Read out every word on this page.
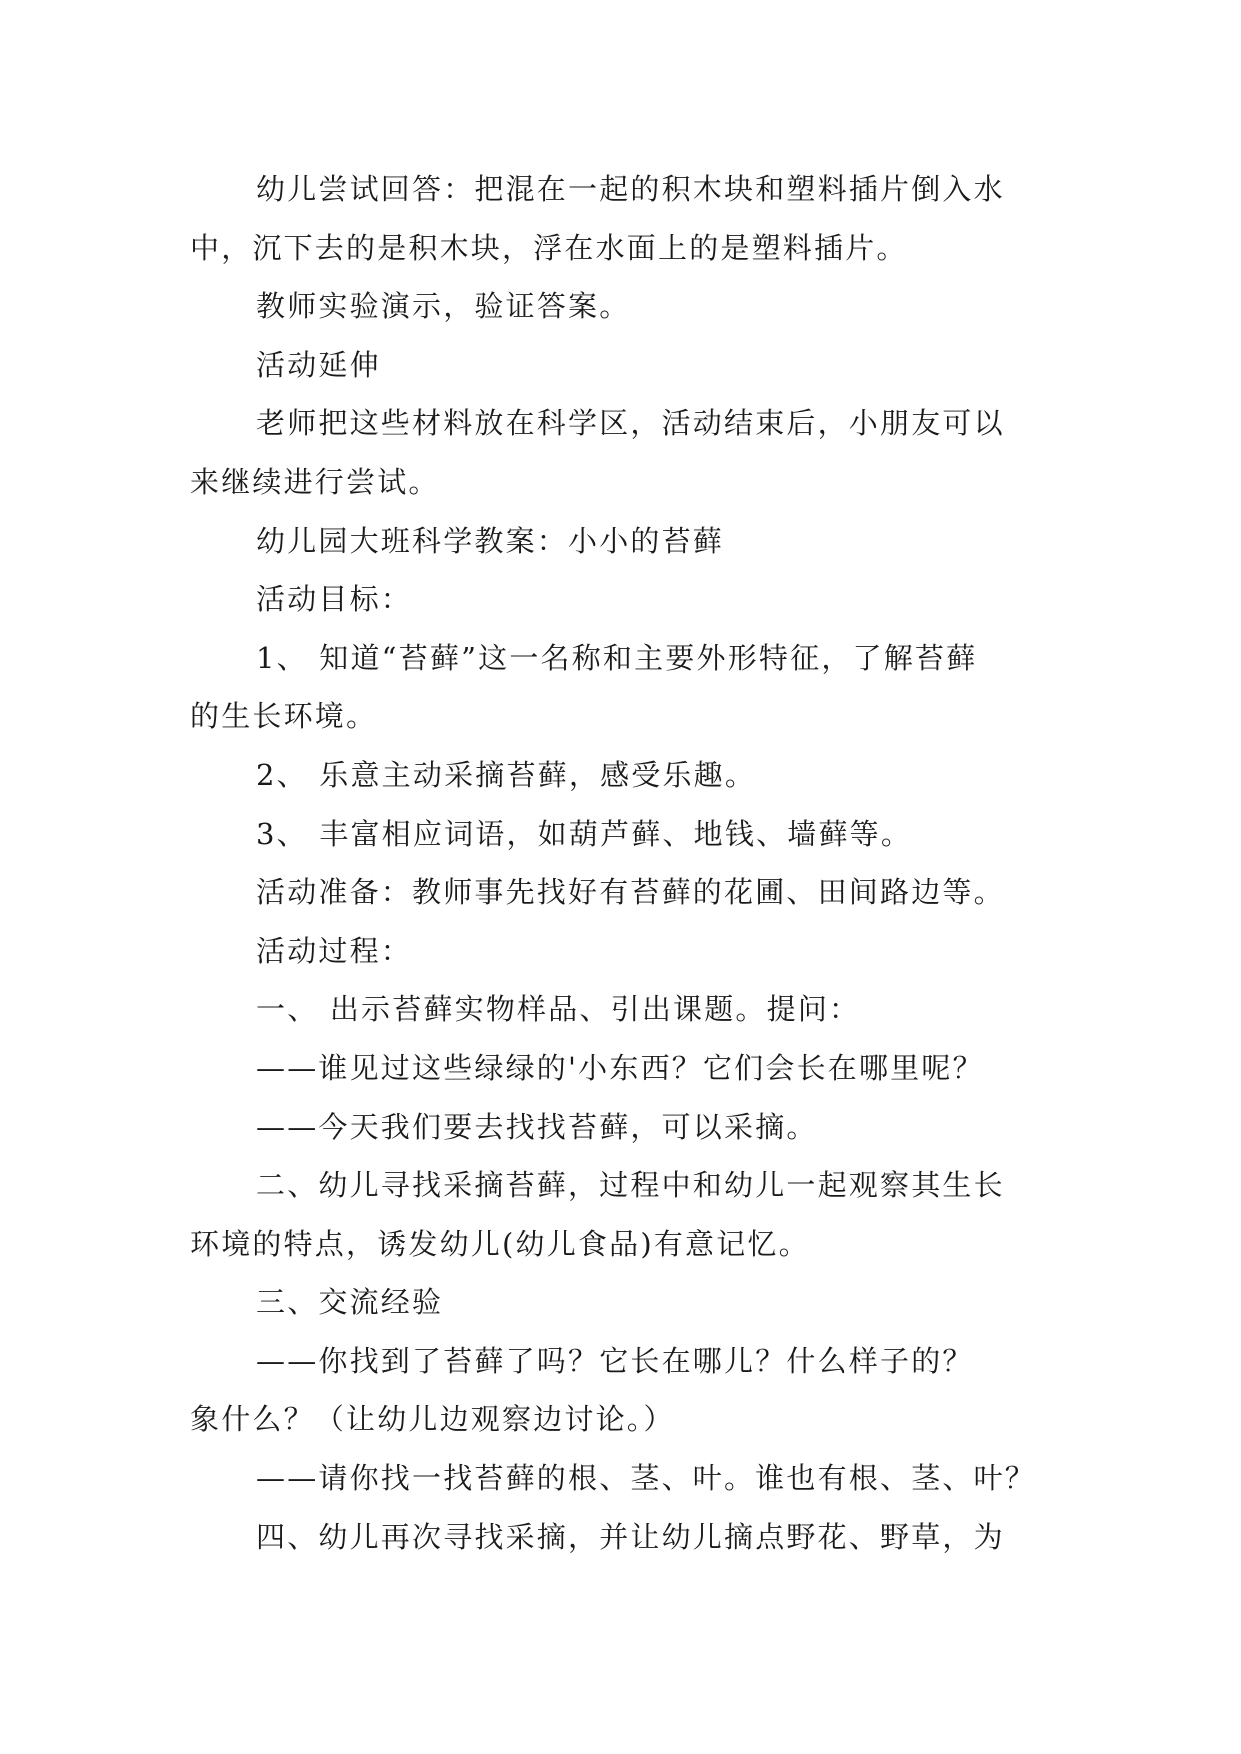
幼儿尝试回答：把混在一起的积木块和塑料插片倒入水
中，沉下去的是积木块，浮在水面上的是塑料插片。
教师实验演示，验证答案。
活动延伸
老师把这些材料放在科学区，活动结束后，小朋友可以
来继续进行尝试。
幼儿园大班科学教案：小小的苔藓
活动目标：
1、 知道“苔藓”这一名称和主要外形特征，了解苔藓
的生长环境。
2、 乐意主动采摘苔藓，感受乐趣。
3、 丰富相应词语，如葫芦藓、地钱、墙藓等。
活动准备：教师事先找好有苔藓的花圃、田间路边等。
活动过程：
一、 出示苔藓实物样品、引出课题。提问：
——谁见过这些绿绿的'小东西？它们会长在哪里呢？
——今天我们要去找找苔藓，可以采摘。
二、幼儿寻找采摘苔藓，过程中和幼儿一起观察其生长
环境的特点，诱发幼儿(幼儿食品)有意记忆。
三、交流经验
——你找到了苔藓了吗？它长在哪儿？什么样子的？
象什么？（让幼儿边观察边讨论。）
——请你找一找苔藓的根、茎、叶。谁也有根、茎、叶？
四、幼儿再次寻找采摘，并让幼儿摘点野花、野草，为
